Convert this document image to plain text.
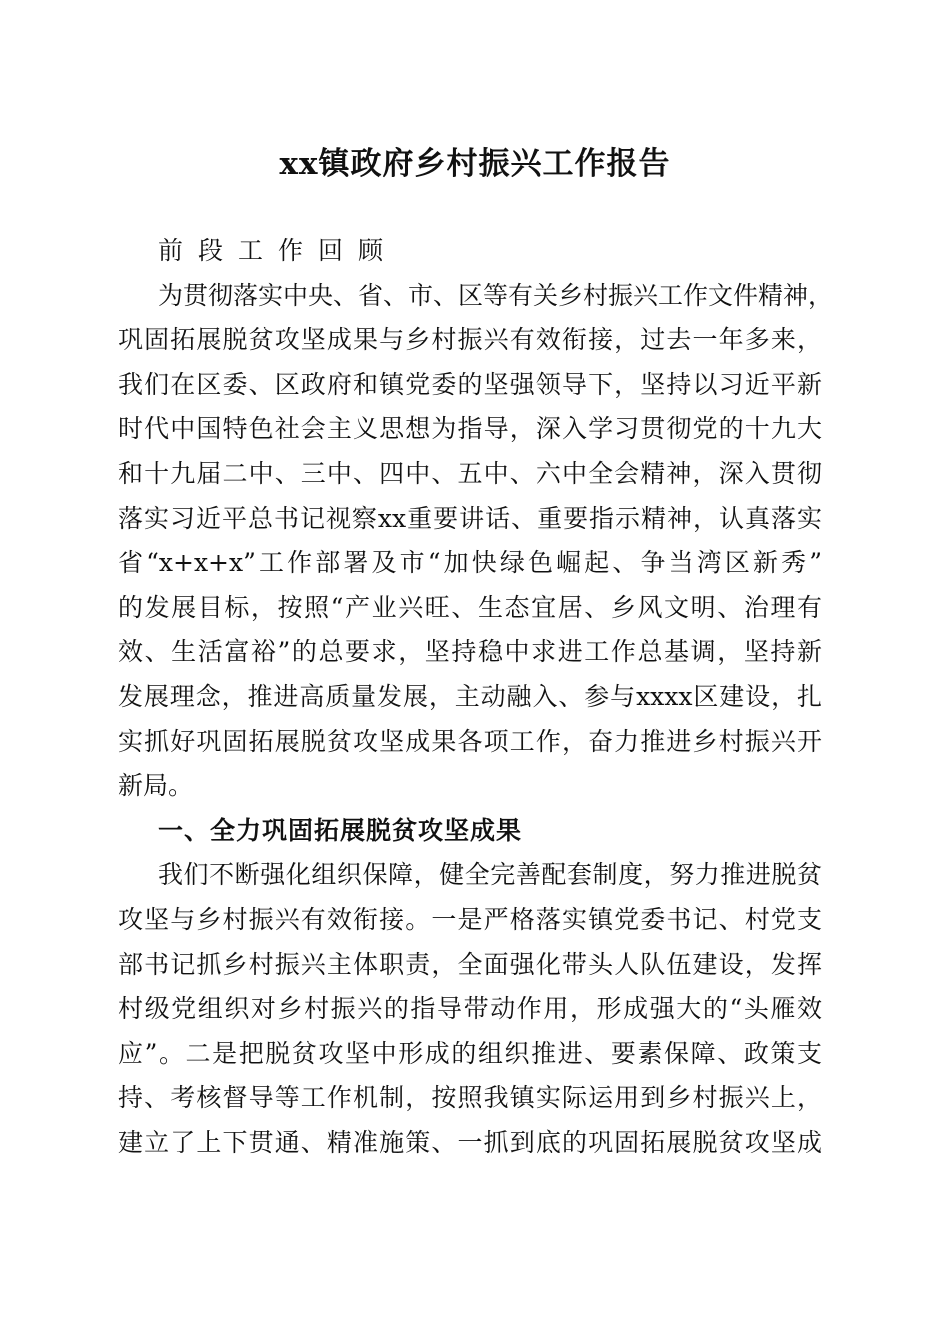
xx镇政府乡村振兴工作报告
前段工作回顾
为贯彻落实中央、省、市、区等有关乡村振兴工作文件精神，
巩固拓展脱贫攻坚成果与乡村振兴有效衔接，过去一年多来，
我们在区委、区政府和镇党委的坚强领导下，坚持以习近平新
时代中国特色社会主义思想为指导，深入学习贯彻党的十九大
和十九届二中、三中、四中、五中、六中全会精神，深入贯彻
落实习近平总书记视察xx重要讲话、重要指示精神，认真落实
省“x+x+x”工作部署及市“加快绿色崛起、争当湾区新秀”
的发展目标，按照“产业兴旺、生态宜居、乡风文明、治理有
效、生活富裕”的总要求，坚持稳中求进工作总基调，坚持新
发展理念，推进高质量发展，主动融入、参与xxxx区建设，扎
实抓好巩固拓展脱贫攻坚成果各项工作，奋力推进乡村振兴开
新局。
一、全力巩固拓展脱贫攻坚成果
我们不断强化组织保障，健全完善配套制度，努力推进脱贫
攻坚与乡村振兴有效衔接。一是严格落实镇党委书记、村党支
部书记抓乡村振兴主体职责，全面强化带头人队伍建设，发挥
村级党组织对乡村振兴的指导带动作用，形成强大的“头雁效
应”。二是把脱贫攻坚中形成的组织推进、要素保障、政策支
持、考核督导等工作机制，按照我镇实际运用到乡村振兴上，
建立了上下贯通、精准施策、一抓到底的巩固拓展脱贫攻坚成
